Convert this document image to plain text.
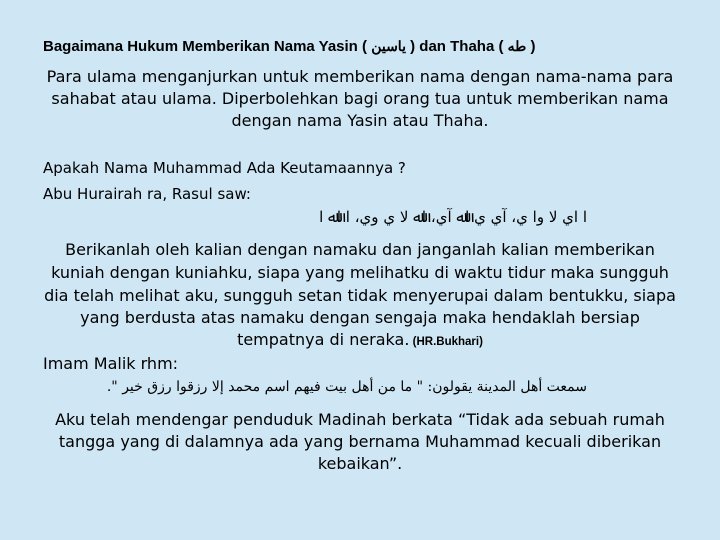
Bagaimana Hukum Memberikan Nama Yasin ( ياسين ) dan Thaha ( طه )
Para ulama menganjurkan untuk memberikan nama dengan nama-nama para
sahabat atau ulama. Diperbolehkan bagi orang tua untuk memberikan nama
dengan nama Yasin atau Thaha.
Apakah Nama Muhammad Ada Keutamaannya ?
Abu Hurairah ra, Rasul saw:
ا اي لا وا ي، آي ي اﷲ آي، اﷲ لا ي وي، ا اﷲ ا
Berikanlah oleh kalian dengan namaku dan janganlah kalian memberikan
kuniah dengan kuniahku, siapa yang melihatku di waktu tidur maka sungguh
dia telah melihat aku, sungguh setan tidak menyerupai dalam bentukku, siapa
yang berdusta atas namaku dengan sengaja maka hendaklah bersiap
tempatnya di neraka. (HR.Bukhari)
Imam Malik rhm:
سمعت أهل المدينة يقولون: " ما من أهل بيت فيهم اسم محمد إلا رزقوا رزق خير ".
Aku telah mendengar penduduk Madinah berkata “Tidak ada sebuah rumah
tangga yang di dalamnya ada yang bernama Muhammad kecuali diberikan
kebaikan”.
